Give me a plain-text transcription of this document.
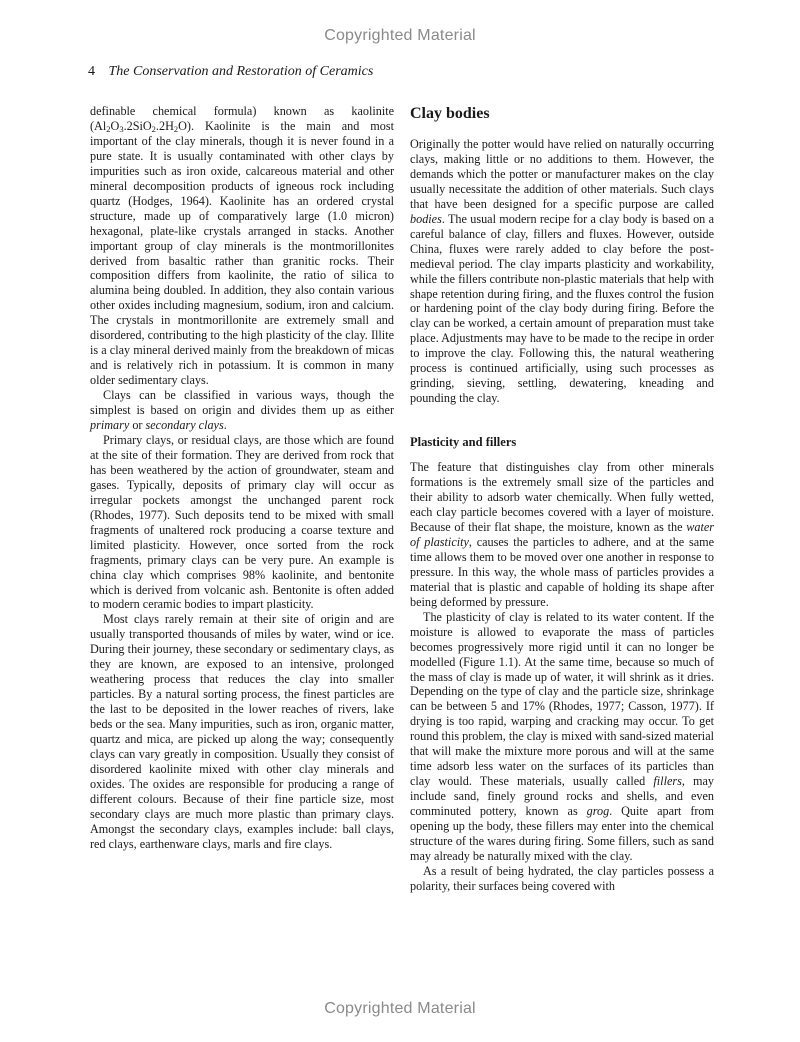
Copyrighted Material
4 The Conservation and Restoration of Ceramics

definable chemical formula) known as kaolinite $(Al_2O_3.2SiO_2.2H_2O)$. Kaolinite is the main and most important of the clay minerals, though it is never found in a pure state. It is usually contaminated with other clays by impurities such as iron oxide, calcareous material and other mineral decomposition products of igneous rock including quartz (Hodges, 1964). Kaolinite has an ordered crystal structure, made up of comparatively large (1.0 micron) hexagonal, plate-like crystals arranged in stacks. Another important group of clay minerals is the montmorillonites derived from basaltic rather than granitic rocks. Their composition differs from kaolinite, the ratio of silica to alumina being doubled. In addition, they also contain various other oxides including magnesium, sodium, iron and calcium. The crystals in montmorillonite are extremely small and disordered, contributing to the high plasticity of the clay. Illite is a clay mineral derived mainly from the breakdown of micas and is relatively rich in potassium. It is common in many older sedimentary clays.

Clays can be classified in various ways, though the simplest is based on origin and divides them up as either primary or secondary clays.

Primary clays, or residual clays, are those which are found at the site of their formation. They are derived from rock that has been weathered by the action of groundwater, steam and gases. Typically, deposits of primary clay will occur as irregular pockets amongst the unchanged parent rock (Rhodes, 1977). Such deposits tend to be mixed with small fragments of unaltered rock producing a coarse texture and limited plasticity. However, once sorted from the rock fragments, primary clays can be very pure. An example is china clay which comprises 98% kaolinite, and bentonite which is derived from volcanic ash. Bentonite is often added to modern ceramic bodies to impart plasticity.

Most clays rarely remain at their site of origin and are usually transported thousands of miles by water, wind or ice. During their journey, these secondary or sedimentary clays, as they are known, are exposed to an intensive, prolonged weathering process that reduces the clay into smaller particles. By a natural sorting process, the finest particles are the last to be deposited in the lower reaches of rivers, lake beds or the sea. Many impurities, such as iron, organic matter, quartz and mica, are picked up along the way; consequently clays can vary greatly in composition. Usually they consist of disordered kaolinite mixed with other clay minerals and oxides. The oxides are responsible for producing a range of different colours. Because of their fine particle size, most secondary clays are much more plastic than primary clays. Amongst the secondary clays, examples include: ball clays, red clays, earthenware clays, marls and fire clays.

Clay bodies

Originally the potter would have relied on naturally occurring clays, making little or no additions to them. However, the demands which the potter or manufacturer makes on the clay usually necessitate the addition of other materials. Such clays that have been designed for a specific purpose are called bodies. The usual modern recipe for a clay body is based on a careful balance of clay, fillers and fluxes. However, outside China, fluxes were rarely added to clay before the post-medieval period. The clay imparts plasticity and workability, while the fillers contribute non-plastic materials that help with shape retention during firing, and the fluxes control the fusion or hardening point of the clay body during firing. Before the clay can be worked, a certain amount of preparation must take place. Adjustments may have to be made to the recipe in order to improve the clay. Following this, the natural weathering process is continued artificially, using such processes as grinding, sieving, settling, dewatering, kneading and pounding the clay.

Plasticity and fillers

The feature that distinguishes clay from other minerals formations is the extremely small size of the particles and their ability to adsorb water chemically. When fully wetted, each clay particle becomes covered with a layer of moisture. Because of their flat shape, the moisture, known as the water of plasticity, causes the particles to adhere, and at the same time allows them to be moved over one another in response to pressure. In this way, the whole mass of particles provides a material that is plastic and capable of holding its shape after being deformed by pressure.

The plasticity of clay is related to its water content. If the moisture is allowed to evaporate the mass of particles becomes progressively more rigid until it can no longer be modelled (Figure 1.1). At the same time, because so much of the mass of clay is made up of water, it will shrink as it dries. Depending on the type of clay and the particle size, shrinkage can be between 5 and 17% (Rhodes, 1977; Casson, 1977). If drying is too rapid, warping and cracking may occur. To get round this problem, the clay is mixed with sand-sized material that will make the mixture more porous and will at the same time adsorb less water on the surfaces of its particles than clay would. These materials, usually called fillers, may include sand, finely ground rocks and shells, and even comminuted pottery, known as grog. Quite apart from opening up the body, these fillers may enter into the chemical structure of the wares during firing. Some fillers, such as sand may already be naturally mixed with the clay.

As a result of being hydrated, the clay particles possess a polarity, their surfaces being covered with

Copyrighted Material
